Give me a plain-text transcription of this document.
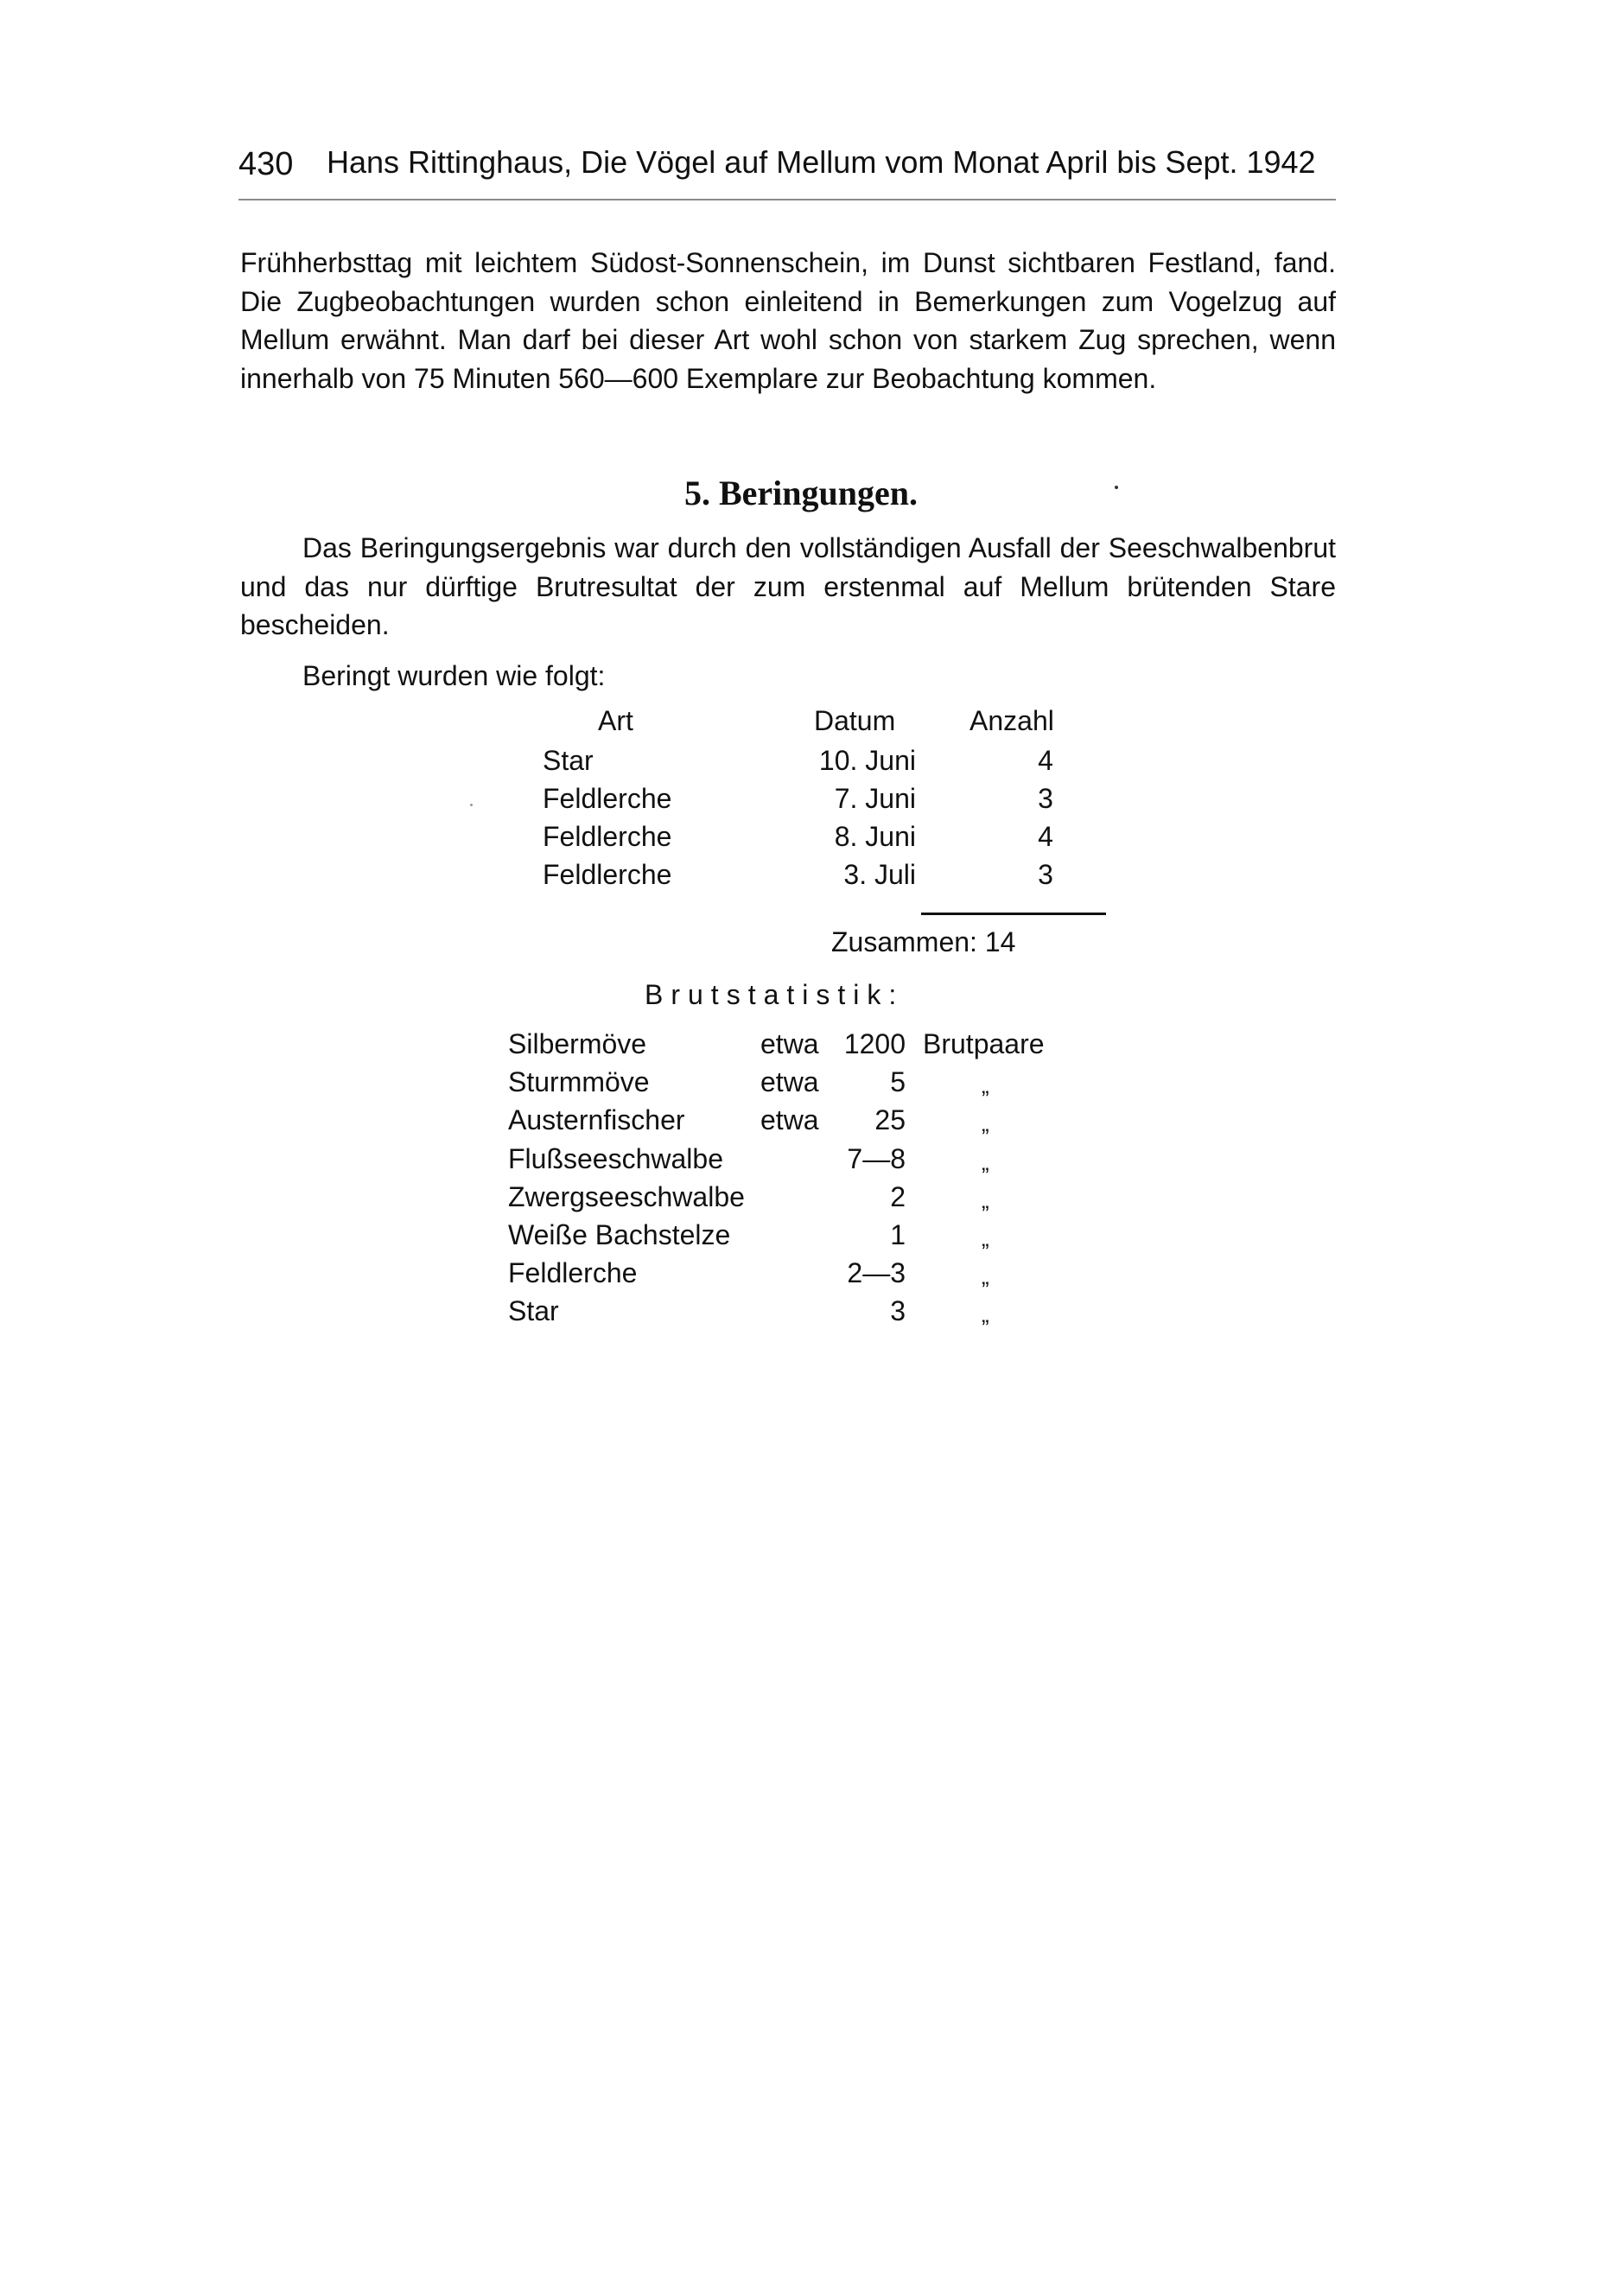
430 Hans Rittinghaus, Die Vögel auf Mellum vom Monat April bis Sept. 1942

Frühherbsttag mit leichtem Südost-Sonnenschein, im Dunst sichtbaren Festland, fand. Die Zugbeobachtungen wurden schon einleitend in Bemerkungen zum Vogelzug auf Mellum erwähnt. Man darf bei dieser Art wohl schon von starkem Zug sprechen, wenn innerhalb von 75 Minuten 560—600 Exemplare zur Beobachtung kommen.

5. Beringungen.

Das Beringungsergebnis war durch den vollständigen Ausfall der Seeschwalbenbrut und das nur dürftige Brutresultat der zum erstenmal auf Mellum brütenden Stare bescheiden.

Beringt wurden wie folgt:

Art	Datum	Anzahl
Star	10. Juni	4
Feldlerche	7. Juni	3
Feldlerche	8. Juni	4
Feldlerche	3. Juli	3
Zusammen: 14
Brutstatistik:
Silbermöve	etwa 1200 Brutpaare
Sturmmöve	etwa	5	„
Austernfischer	etwa 25	„
Flußseeschwalbe	7—8	„
Zwergseeschwalbe	2	„
Weiße Bachstelze	1	„
Feldlerche	2—3	„
Star	3	„
